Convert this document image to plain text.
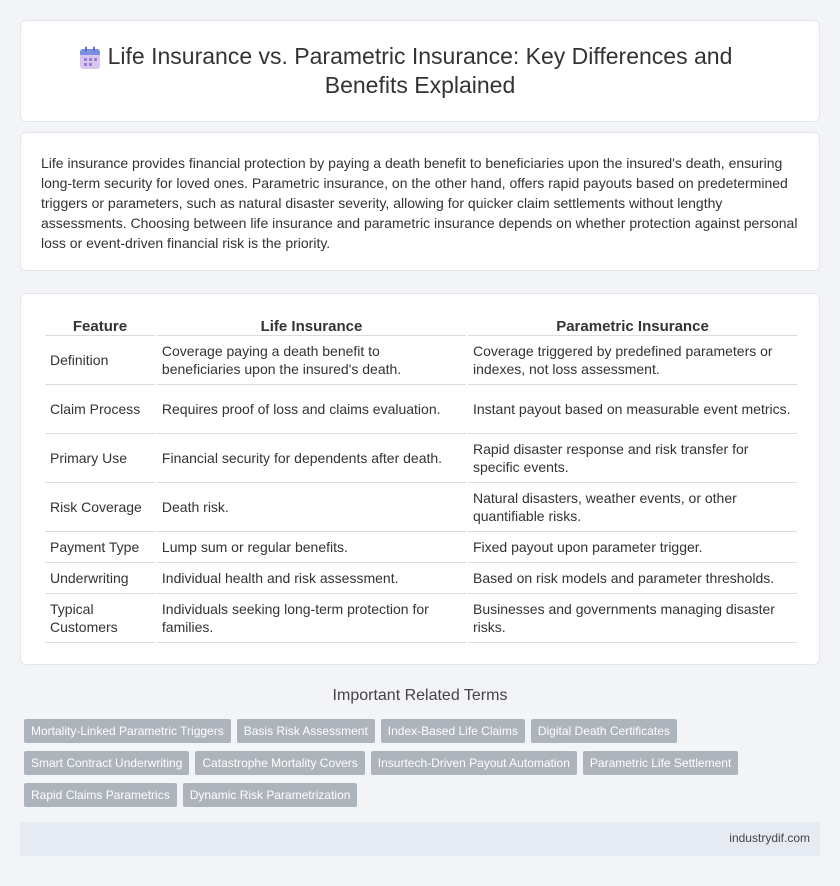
Life Insurance vs. Parametric Insurance: Key Differences and Benefits Explained

Life insurance provides financial protection by paying a death benefit to beneficiaries upon the insured's death, ensuring long-term security for loved ones. Parametric insurance, on the other hand, offers rapid payouts based on predetermined triggers or parameters, such as natural disaster severity, allowing for quicker claim settlements without lengthy assessments. Choosing between life insurance and parametric insurance depends on whether protection against personal loss or event-driven financial risk is the priority.

Feature	Life Insurance	Parametric Insurance
Definition	Coverage paying a death benefit to beneficiaries upon the insured's death.	Coverage triggered by predefined parameters or indexes, not loss assessment.
Claim Process	Requires proof of loss and claims evaluation.	Instant payout based on measurable event metrics.
Primary Use	Financial security for dependents after death.	Rapid disaster response and risk transfer for specific events.
Risk Coverage	Death risk.	Natural disasters, weather events, or other quantifiable risks.
Payment Type	Lump sum or regular benefits.	Fixed payout upon parameter trigger.
Underwriting	Individual health and risk assessment.	Based on risk models and parameter thresholds.
Typical Customers	Individuals seeking long-term protection for families.	Businesses and governments managing disaster risks.
Important Related Terms
Mortality-Linked Parametric Triggers	Basis Risk Assessment	Index-Based Life Claims	Digital Death Certificates
Smart Contract Underwriting	Catastrophe Mortality Covers	Insurtech-Driven Payout Automation	Parametric Life Settlement
Rapid Claims Parametrics	Dynamic Risk Parametrization
industrydif.com
